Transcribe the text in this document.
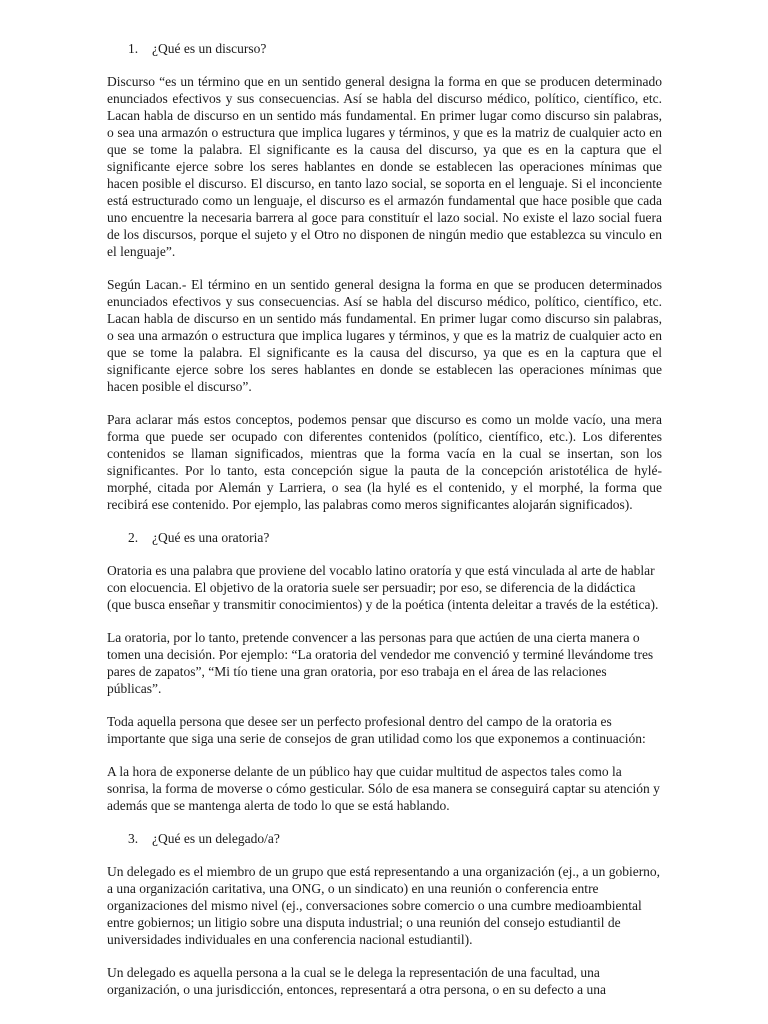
1.	¿Qué es un discurso?

Discurso “es un término que en un sentido general designa la forma en que se producen determinado enunciados efectivos y sus consecuencias. Así se habla del discurso médico, político, científico, etc. Lacan habla de discurso en un sentido más fundamental. En primer lugar como discurso sin palabras, o sea una armazón o estructura que implica lugares y términos, y que es la matriz de cualquier acto en que se tome la palabra. El significante es la causa del discurso, ya que es en la captura que el significante ejerce sobre los seres hablantes en donde se establecen las operaciones mínimas que hacen posible el discurso. El discurso, en tanto lazo social, se soporta en el lenguaje. Si el inconciente está estructurado como un lenguaje, el discurso es el armazón fundamental que hace posible que cada uno encuentre la necesaria barrera al goce para constituír el lazo social. No existe el lazo social fuera de los discursos, porque el sujeto y el Otro no disponen de ningún medio que establezca su vinculo en el lenguaje”.

Según Lacan.- El término en un sentido general designa la forma en que se producen determinados enunciados efectivos y sus consecuencias. Así se habla del discurso médico, político, científico, etc. Lacan habla de discurso en un sentido más fundamental. En primer lugar como discurso sin palabras, o sea una armazón o estructura que implica lugares y términos, y que es la matriz de cualquier acto en que se tome la palabra. El significante es la causa del discurso, ya que es en la captura que el significante ejerce sobre los seres hablantes en donde se establecen las operaciones mínimas que hacen posible el discurso”.

Para aclarar más estos conceptos, podemos pensar que discurso es como un molde vacío, una mera forma que puede ser ocupado con diferentes contenidos (político, científico, etc.). Los diferentes contenidos se llaman significados, mientras que la forma vacía en la cual se insertan, son los significantes. Por lo tanto, esta concepción sigue la pauta de la concepción aristotélica de hylé-morphé, citada por Alemán y Larriera, o sea (la hylé es el contenido, y el morphé, la forma que recibirá ese contenido. Por ejemplo, las palabras como meros significantes alojarán significados).

2.	¿Qué es una oratoria?

Oratoria es una palabra que proviene del vocablo latino oratoría y que está vinculada al arte de hablar con elocuencia. El objetivo de la oratoria suele ser persuadir; por eso, se diferencia de la didáctica (que busca enseñar y transmitir conocimientos) y de la poética (intenta deleitar a través de la estética).

La oratoria, por lo tanto, pretende convencer a las personas para que actúen de una cierta manera o tomen una decisión. Por ejemplo: “La oratoria del vendedor me convenció y terminé llevándome tres pares de zapatos”, “Mi tío tiene una gran oratoria, por eso trabaja en el área de las relaciones públicas”.

Toda aquella persona que desee ser un perfecto profesional dentro del campo de la oratoria es importante que siga una serie de consejos de gran utilidad como los que exponemos a continuación:

A la hora de exponerse delante de un público hay que cuidar multitud de aspectos tales como la sonrisa, la forma de moverse o cómo gesticular. Sólo de esa manera se conseguirá captar su atención y además que se mantenga alerta de todo lo que se está hablando.

3.	¿Qué es un delegado/a?

Un delegado es el miembro de un grupo que está representando a una organización (ej., a un gobierno, a una organización caritativa, una ONG, o un sindicato) en una reunión o conferencia entre organizaciones del mismo nivel (ej., conversaciones sobre comercio o una cumbre medioambiental entre gobiernos; un litigio sobre una disputa industrial; o una reunión del consejo estudiantil de universidades individuales en una conferencia nacional estudiantil).

Un delegado es aquella persona a la cual se le delega la representación de una facultad, una organización, o una jurisdicción, entonces, representará a otra persona, o en su defecto a una
